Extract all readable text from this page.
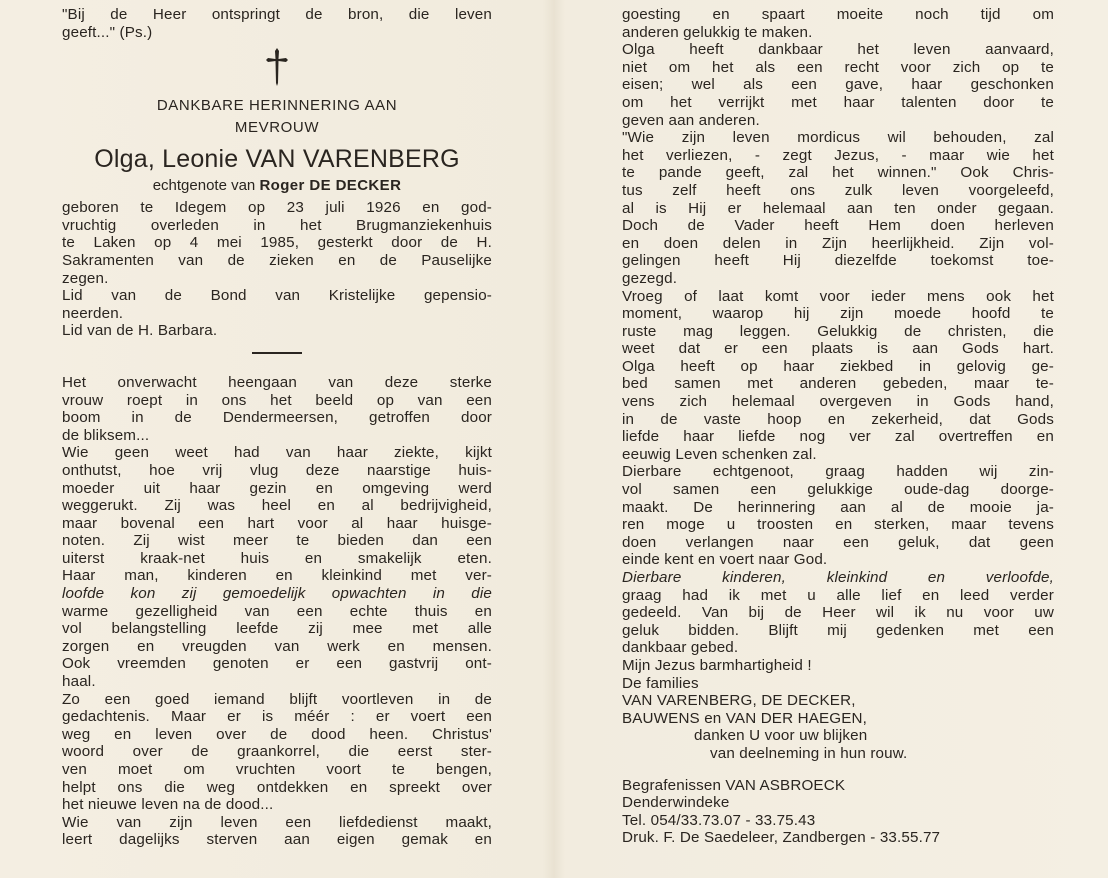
"Bij de Heer ontspringt de bron, die leven
geeft..." (Ps.)
DANKBARE HERINNERING AAN
MEVROUW
Olga, Leonie VAN VARENBERG
echtgenote van Roger DE DECKER
geboren te Idegem op 23 juli 1926 en god-
vruchtig overleden in het Brugmanziekenhuis
te Laken op 4 mei 1985, gesterkt door de H.
Sakramenten van de zieken en de Pauselijke
zegen.
Lid van de Bond van Kristelijke gepensio-
neerden.
Lid van de H. Barbara.
Het onverwacht heengaan van deze sterke
vrouw roept in ons het beeld op van een
boom in de Dendermeersen, getroffen door
de bliksem...
Wie geen weet had van haar ziekte, kijkt
onthutst, hoe vrij vlug deze naarstige huis-
moeder uit haar gezin en omgeving werd
weggerukt. Zij was heel en al bedrijvigheid,
maar bovenal een hart voor al haar huisge-
noten. Zij wist meer te bieden dan een
uiterst kraak-net huis en smakelijk eten.
Haar man, kinderen en kleinkind met ver-
loofde kon zij gemoedelijk opwachten in die
warme gezelligheid van een echte thuis en
vol belangstelling leefde zij mee met alle
zorgen en vreugden van werk en mensen.
Ook vreemden genoten er een gastvrij ont-
haal.
Zo een goed iemand blijft voortleven in de
gedachtenis. Maar er is méér : er voert een
weg en leven over de dood heen. Christus'
woord over de graankorrel, die eerst ster-
ven moet om vruchten voort te bengen,
helpt ons die weg ontdekken en spreekt over
het nieuwe leven na de dood...
Wie van zijn leven een liefdedienst maakt,
leert dagelijks sterven aan eigen gemak en
goesting en spaart moeite noch tijd om
anderen gelukkig te maken.
Olga heeft dankbaar het leven aanvaard,
niet om het als een recht voor zich op te
eisen; wel als een gave, haar geschonken
om het verrijkt met haar talenten door te
geven aan anderen.
"Wie zijn leven mordicus wil behouden, zal
het verliezen, - zegt Jezus, - maar wie het
te pande geeft, zal het winnen." Ook Chris-
tus zelf heeft ons zulk leven voorgeleefd,
al is Hij er helemaal aan ten onder gegaan.
Doch de Vader heeft Hem doen herleven
en doen delen in Zijn heerlijkheid. Zijn vol-
gelingen heeft Hij diezelfde toekomst toe-
gezegd.
Vroeg of laat komt voor ieder mens ook het
moment, waarop hij zijn moede hoofd te
ruste mag leggen. Gelukkig de christen, die
weet dat er een plaats is aan Gods hart.
Olga heeft op haar ziekbed in gelovig ge-
bed samen met anderen gebeden, maar te-
vens zich helemaal overgeven in Gods hand,
in de vaste hoop en zekerheid, dat Gods
liefde haar liefde nog ver zal overtreffen en
eeuwig Leven schenken zal.
Dierbare echtgenoot, graag hadden wij zin-
vol samen een gelukkige oude-dag doorge-
maakt. De herinnering aan al de mooie ja-
ren moge u troosten en sterken, maar tevens
doen verlangen naar een geluk, dat geen
einde kent en voert naar God.
Dierbare kinderen, kleinkind en verloofde,
graag had ik met u alle lief en leed verder
gedeeld. Van bij de Heer wil ik nu voor uw
geluk bidden. Blijft mij gedenken met een
dankbaar gebed.
Mijn Jezus barmhartigheid !
De families
VAN VARENBERG, DE DECKER,
BAUWENS en VAN DER HAEGEN,
danken U voor uw blijken
van deelneming in hun rouw.
Begrafenissen VAN ASBROECK
Denderwindeke
Tel. 054/33.73.07 - 33.75.43
Druk. F. De Saedeleer, Zandbergen - 33.55.77
